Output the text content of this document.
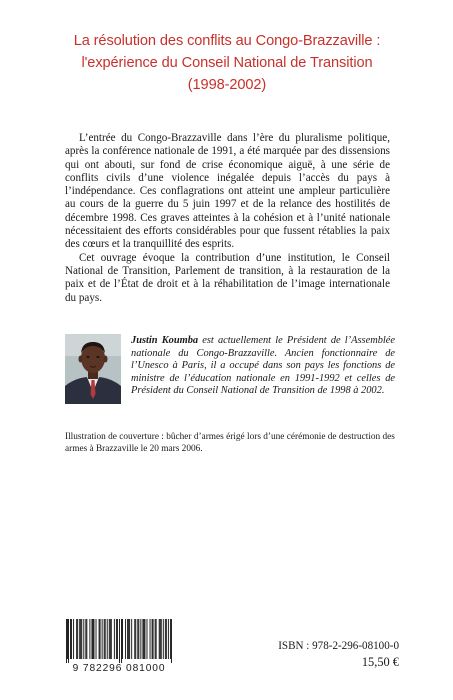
La résolution des conflits au Congo-Brazzaville :
l'expérience du Conseil National de Transition
(1998-2002)

L’entrée du Congo-Brazzaville dans l’ère du pluralisme politique, après la conférence nationale de 1991, a été marquée par des dissensions qui ont abouti, sur fond de crise économique aiguë, à une série de conflits civils d’une violence inégalée depuis l’accès du pays à l’indépendance. Ces conflagrations ont atteint une ampleur particulière au cours de la guerre du 5 juin 1997 et de la relance des hostilités de décembre 1998. Ces graves atteintes à la cohésion et à l’unité nationale nécessitaient des efforts considérables pour que fussent rétablies la paix des cœurs et la tranquillité des esprits.

Cet ouvrage évoque la contribution d’une institution, le Conseil National de Transition, Parlement de transition, à la restauration de la paix et de l’État de droit et à la réhabilitation de l’image internationale du pays.

Justin Koumba est actuellement le Président de l’Assemblée nationale du Congo-Brazzaville. Ancien fonctionnaire de l’Unesco à Paris, il a occupé dans son pays les fonctions de ministre de l’éducation nationale en 1991-1992 et celles de Président du Conseil National de Transition de 1998 à 2002.
Illustration de couverture : bûcher d’armes érigé lors d’une cérémonie de destruction des armes à Brazzaville le 20 mars 2006.
9 782296 081000
ISBN : 978-2-296-08100-0
15,50 €
